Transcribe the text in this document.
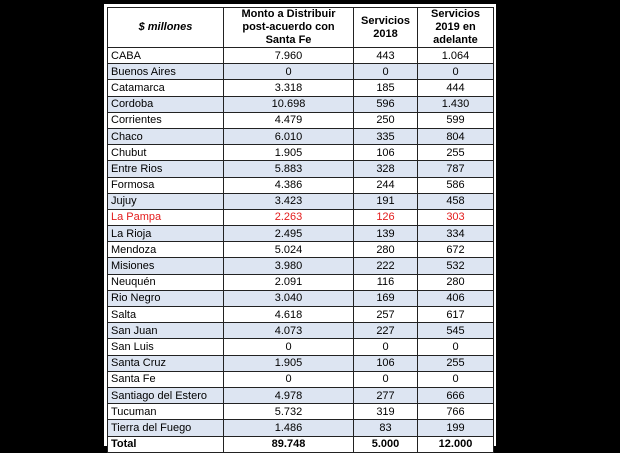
$ millones	Monto a Distribuir post-acuerdo con Santa Fe	Servicios 2018	Servicios 2019 en adelante
CABA	7.960	443	1.064
Buenos Aires	0	0	0
Catamarca	3.318	185	444
Cordoba	10.698	596	1.430
Corrientes	4.479	250	599
Chaco	6.010	335	804
Chubut	1.905	106	255
Entre Rios	5.883	328	787
Formosa	4.386	244	586
Jujuy	3.423	191	458
La Pampa	2.263	126	303
La Rioja	2.495	139	334
Mendoza	5.024	280	672
Misiones	3.980	222	532
Neuquén	2.091	116	280
Rio Negro	3.040	169	406
Salta	4.618	257	617
San Juan	4.073	227	545
San Luis	0	0	0
Santa Cruz	1.905	106	255
Santa Fe	0	0	0
Santiago del Estero	4.978	277	666
Tucuman	5.732	319	766
Tierra del Fuego	1.486	83	199
Total	89.748	5.000	12.000
